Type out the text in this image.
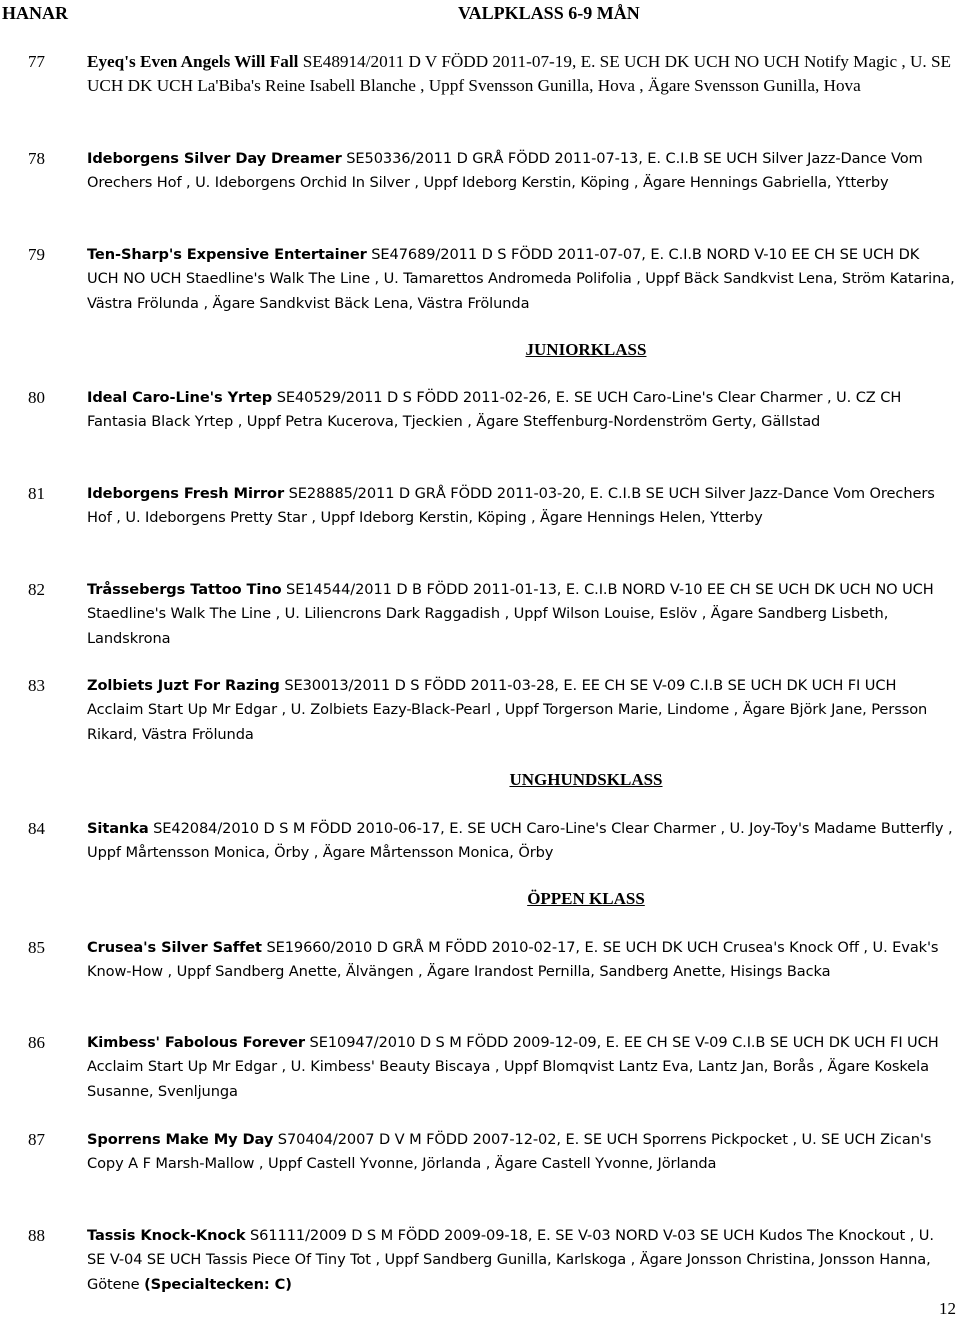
HANAR	VALPKLASS 6-9 MÅN
77	Eyeq's Even Angels Will Fall SE48914/2011 D V FÖDD 2011-07-19, E. SE UCH DK UCH NO UCH Notify Magic , U. SE UCH DK UCH La'Biba's Reine Isabell Blanche , Uppf Svensson Gunilla, Hova , Ägare Svensson Gunilla, Hova
78	Ideborgens Silver Day Dreamer SE50336/2011 D GRÅ FÖDD 2011-07-13, E. C.I.B SE UCH Silver Jazz-Dance Vom Orechers Hof , U. Ideborgens Orchid In Silver , Uppf Ideborg Kerstin, Köping , Ägare Hennings Gabriella, Ytterby
79	Ten-Sharp's Expensive Entertainer SE47689/2011 D S FÖDD 2011-07-07, E. C.I.B NORD V-10 EE CH SE UCH DK UCH NO UCH Staedline's Walk The Line , U. Tamarettos Andromeda Polifolia , Uppf Bäck Sandkvist Lena, Ström Katarina, Västra Frölunda , Ägare Sandkvist Bäck Lena, Västra Frölunda
JUNIORKLASS
80	Ideal Caro-Line's Yrtep SE40529/2011 D S FÖDD 2011-02-26, E. SE UCH Caro-Line's Clear Charmer , U. CZ CH Fantasia Black Yrtep , Uppf Petra Kucerova, Tjeckien , Ägare Steffenburg-Nordenström Gerty, Gällstad
81	Ideborgens Fresh Mirror SE28885/2011 D GRÅ FÖDD 2011-03-20, E. C.I.B SE UCH Silver Jazz-Dance Vom Orechers Hof , U. Ideborgens Pretty Star , Uppf Ideborg Kerstin, Köping , Ägare Hennings Helen, Ytterby
82	Tråssebergs Tattoo Tino SE14544/2011 D B FÖDD 2011-01-13, E. C.I.B NORD V-10 EE CH SE UCH DK UCH NO UCH Staedline's Walk The Line , U. Liliencrons Dark Raggadish , Uppf Wilson Louise, Eslöv , Ägare Sandberg Lisbeth, Landskrona
83	Zolbiets Juzt For Razing SE30013/2011 D S FÖDD 2011-03-28, E. EE CH SE V-09 C.I.B SE UCH DK UCH FI UCH Acclaim Start Up Mr Edgar , U. Zolbiets Eazy-Black-Pearl , Uppf Torgerson Marie, Lindome , Ägare Björk Jane, Persson Rikard, Västra Frölunda
UNGHUNDSKLASS
84	Sitanka SE42084/2010 D S M FÖDD 2010-06-17, E. SE UCH Caro-Line's Clear Charmer , U. Joy-Toy's Madame Butterfly , Uppf Mårtensson Monica, Örby , Ägare Mårtensson Monica, Örby
ÖPPEN KLASS
85	Crusea's Silver Saffet SE19660/2010 D GRÅ M FÖDD 2010-02-17, E. SE UCH DK UCH Crusea's Knock Off , U. Evak's Know-How , Uppf Sandberg Anette, Älvängen , Ägare Irandost Pernilla, Sandberg Anette, Hisings Backa
86	Kimbess' Fabolous Forever SE10947/2010 D S M FÖDD 2009-12-09, E. EE CH SE V-09 C.I.B SE UCH DK UCH FI UCH Acclaim Start Up Mr Edgar , U. Kimbess' Beauty Biscaya , Uppf Blomqvist Lantz Eva, Lantz Jan, Borås , Ägare Koskela Susanne, Svenljunga
87	Sporrens Make My Day S70404/2007 D V M FÖDD 2007-12-02, E. SE UCH Sporrens Pickpocket , U. SE UCH Zican's Copy A F Marsh-Mallow , Uppf Castell Yvonne, Jörlanda , Ägare Castell Yvonne, Jörlanda
88	Tassis Knock-Knock S61111/2009 D S M FÖDD 2009-09-18, E. SE V-03 NORD V-03 SE UCH Kudos The Knockout , U. SE V-04 SE UCH Tassis Piece Of Tiny Tot , Uppf Sandberg Gunilla, Karlskoga , Ägare Jonsson Christina, Jonsson Hanna, Götene (Specialtecken: C)
12
